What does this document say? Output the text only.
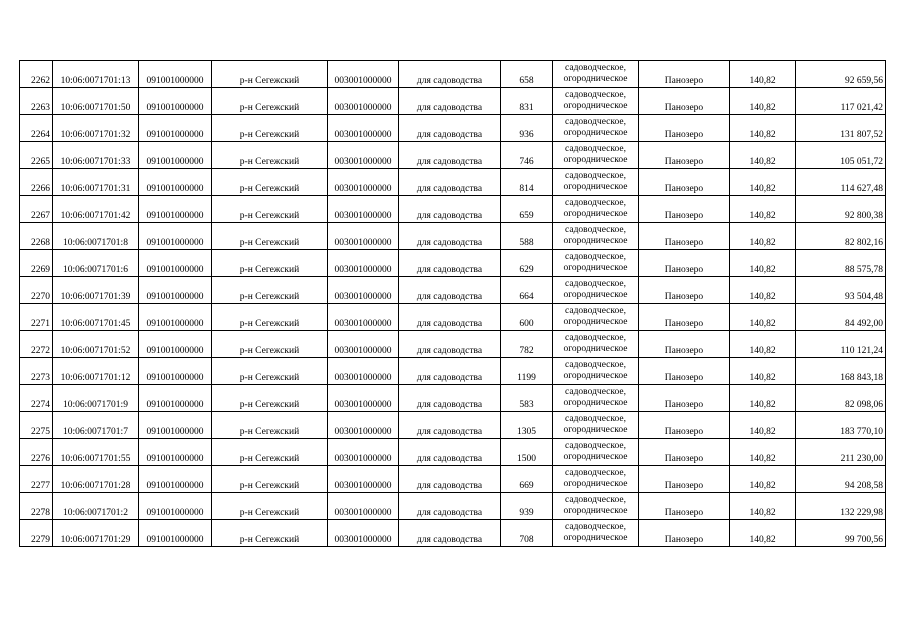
2262	10:06:0071701:13	091001000000	р-н Сегежский	003001000000	для садоводства	658	садоводческое,
огородническое	Панозеро	140,82	92 659,56
2263	10:06:0071701:50	091001000000	р-н Сегежский	003001000000	для садоводства	831	садоводческое,
огородническое	Панозеро	140,82	117 021,42
2264	10:06:0071701:32	091001000000	р-н Сегежский	003001000000	для садоводства	936	садоводческое,
огородническое	Панозеро	140,82	131 807,52
2265	10:06:0071701:33	091001000000	р-н Сегежский	003001000000	для садоводства	746	садоводческое,
огородническое	Панозеро	140,82	105 051,72
2266	10:06:0071701:31	091001000000	р-н Сегежский	003001000000	для садоводства	814	садоводческое,
огородническое	Панозеро	140,82	114 627,48
2267	10:06:0071701:42	091001000000	р-н Сегежский	003001000000	для садоводства	659	садоводческое,
огородническое	Панозеро	140,82	92 800,38
2268	10:06:0071701:8	091001000000	р-н Сегежский	003001000000	для садоводства	588	садоводческое,
огородническое	Панозеро	140,82	82 802,16
2269	10:06:0071701:6	091001000000	р-н Сегежский	003001000000	для садоводства	629	садоводческое,
огородническое	Панозеро	140,82	88 575,78
2270	10:06:0071701:39	091001000000	р-н Сегежский	003001000000	для садоводства	664	садоводческое,
огородническое	Панозеро	140,82	93 504,48
2271	10:06:0071701:45	091001000000	р-н Сегежский	003001000000	для садоводства	600	садоводческое,
огородническое	Панозеро	140,82	84 492,00
2272	10:06:0071701:52	091001000000	р-н Сегежский	003001000000	для садоводства	782	садоводческое,
огородническое	Панозеро	140,82	110 121,24
2273	10:06:0071701:12	091001000000	р-н Сегежский	003001000000	для садоводства	1199	садоводческое,
огородническое	Панозеро	140,82	168 843,18
2274	10:06:0071701:9	091001000000	р-н Сегежский	003001000000	для садоводства	583	садоводческое,
огородническое	Панозеро	140,82	82 098,06
2275	10:06:0071701:7	091001000000	р-н Сегежский	003001000000	для садоводства	1305	садоводческое,
огородническое	Панозеро	140,82	183 770,10
2276	10:06:0071701:55	091001000000	р-н Сегежский	003001000000	для садоводства	1500	садоводческое,
огородническое	Панозеро	140,82	211 230,00
2277	10:06:0071701:28	091001000000	р-н Сегежский	003001000000	для садоводства	669	садоводческое,
огородническое	Панозеро	140,82	94 208,58
2278	10:06:0071701:2	091001000000	р-н Сегежский	003001000000	для садоводства	939	садоводческое,
огородническое	Панозеро	140,82	132 229,98
2279	10:06:0071701:29	091001000000	р-н Сегежский	003001000000	для садоводства	708	садоводческое,
огородническое	Панозеро	140,82	99 700,56
